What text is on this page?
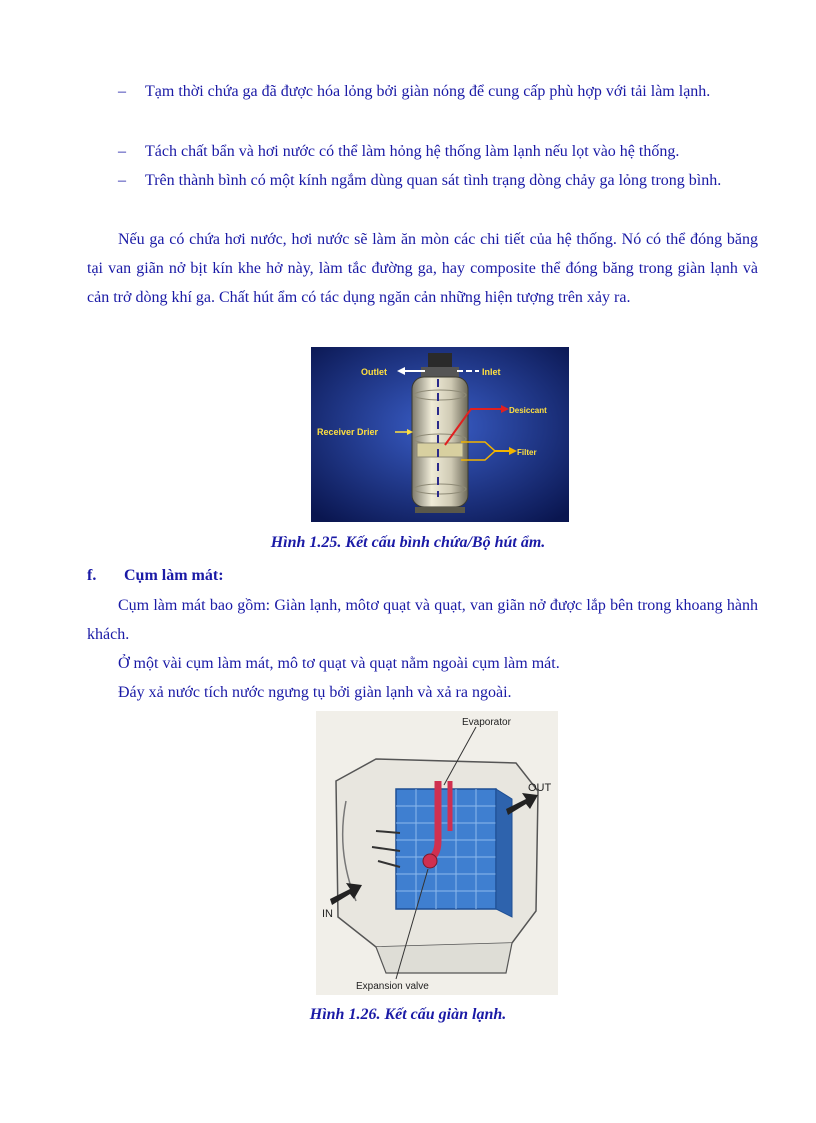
–	Tạm thời chứa ga đã được hóa lỏng bởi giàn nóng để cung cấp phù hợp với tải làm lạnh.
–	Tách chất bẩn và hơi nước có thể làm hỏng hệ thống làm lạnh nếu lọt vào hệ thống.
–	Trên thành bình có một kính ngắm dùng quan sát tình trạng dòng chảy ga lỏng trong bình.
Nếu ga có chứa hơi nước, hơi nước sẽ làm ăn mòn các chi tiết của hệ thống. Nó có thể đóng băng tại van giãn nở bịt kín khe hở này, làm tắc đường ga, hay composite thể đóng băng trong giàn lạnh và cản trở dòng khí ga. Chất hút ẩm có tác dụng ngăn cản những hiện tượng trên xảy ra.
Outlet	Inlet
Receiver Drier
Desiccant
Filter
Hình 1.25. Kết cấu bình chứa/Bộ hút ẩm.
f. Cụm làm mát:
Cụm làm mát bao gồm: Giàn lạnh, môtơ quạt và quạt, van giãn nở được lắp bên trong khoang hành khách.
Ở một vài cụm làm mát, mô tơ quạt và quạt nằm ngoài cụm làm mát.
Đáy xả nước tích nước ngưng tụ bởi giàn lạnh và xả ra ngoài.
Evaporator
OUT
IN
Expansion valve
Hình 1.26. Kết cấu giàn lạnh.
